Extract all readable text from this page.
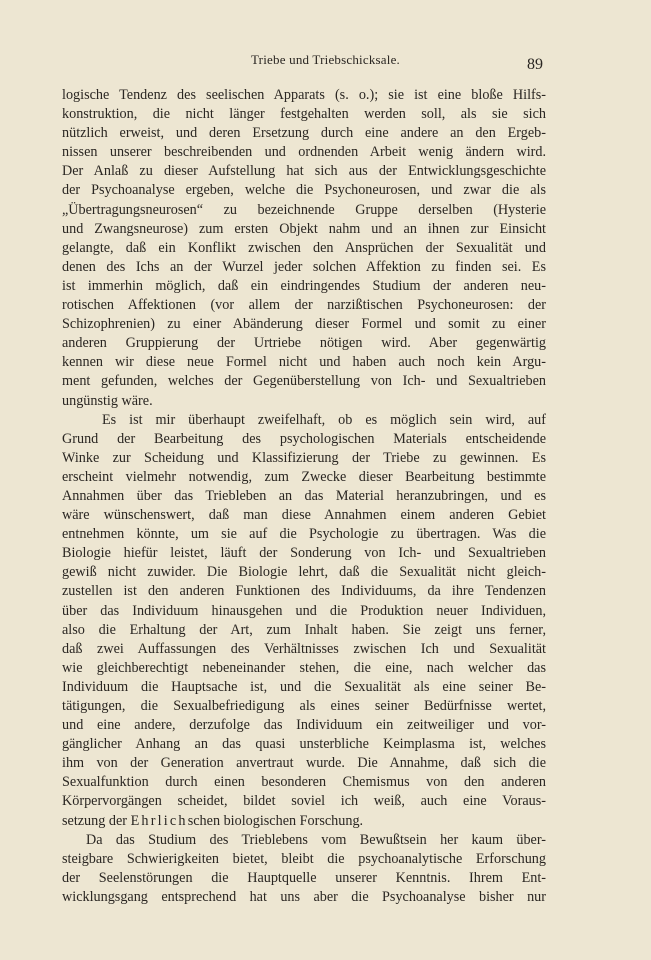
Triebe und Triebschicksale.	89
logische Tendenz des seelischen Apparats (s. o.); sie ist eine bloße Hilfs-
konstruktion, die nicht länger festgehalten werden soll, als sie sich
nützlich erweist, und deren Ersetzung durch eine andere an den Ergeb-
nissen unserer beschreibenden und ordnenden Arbeit wenig ändern wird.
Der Anlaß zu dieser Aufstellung hat sich aus der Entwicklungsgeschichte
der Psychoanalyse ergeben, welche die Psychoneurosen, und zwar die als
„Übertragungsneurosen“ zu bezeichnende Gruppe derselben (Hysterie
und Zwangsneurose) zum ersten Objekt nahm und an ihnen zur Einsicht
gelangte, daß ein Konflikt zwischen den Ansprüchen der Sexualität und
denen des Ichs an der Wurzel jeder solchen Affektion zu finden sei. Es
ist immerhin möglich, daß ein eindringendes Studium der anderen neu-
rotischen Affektionen (vor allem der narzißtischen Psychoneurosen: der
Schizophrenien) zu einer Abänderung dieser Formel und somit zu einer
anderen Gruppierung der Urtriebe nötigen wird. Aber gegenwärtig
kennen wir diese neue Formel nicht und haben auch noch kein Argu-
ment gefunden, welches der Gegenüberstellung von Ich- und Sexualtrieben
ungünstig wäre.
Es ist mir überhaupt zweifelhaft, ob es möglich sein wird, auf
Grund der Bearbeitung des psychologischen Materials entscheidende
Winke zur Scheidung und Klassifizierung der Triebe zu gewinnen. Es
erscheint vielmehr notwendig, zum Zwecke dieser Bearbeitung bestimmte
Annahmen über das Triebleben an das Material heranzubringen, und es
wäre wünschenswert, daß man diese Annahmen einem anderen Gebiet
entnehmen könnte, um sie auf die Psychologie zu übertragen. Was die
Biologie hiefür leistet, läuft der Sonderung von Ich- und Sexualtrieben
gewiß nicht zuwider. Die Biologie lehrt, daß die Sexualität nicht gleich-
zustellen ist den anderen Funktionen des Individuums, da ihre Tendenzen
über das Individuum hinausgehen und die Produktion neuer Individuen,
also die Erhaltung der Art, zum Inhalt haben. Sie zeigt uns ferner,
daß zwei Auffassungen des Verhältnisses zwischen Ich und Sexualität
wie gleichberechtigt nebeneinander stehen, die eine, nach welcher das
Individuum die Hauptsache ist, und die Sexualität als eine seiner Be-
tätigungen, die Sexualbefriedigung als eines seiner Bedürfnisse wertet,
und eine andere, derzufolge das Individuum ein zeitweiliger und vor-
gänglicher Anhang an das quasi unsterbliche Keimplasma ist, welches
ihm von der Generation anvertraut wurde. Die Annahme, daß sich die
Sexualfunktion durch einen besonderen Chemismus von den anderen
Körpervorgängen scheidet, bildet soviel ich weiß, auch eine Voraus-
setzung der Ehrlichschen biologischen Forschung.
Da das Studium des Trieblebens vom Bewußtsein her kaum über-
steigbare Schwierigkeiten bietet, bleibt die psychoanalytische Erforschung
der Seelenstörungen die Hauptquelle unserer Kenntnis. Ihrem Ent-
wicklungsgang entsprechend hat uns aber die Psychoanalyse bisher nur
